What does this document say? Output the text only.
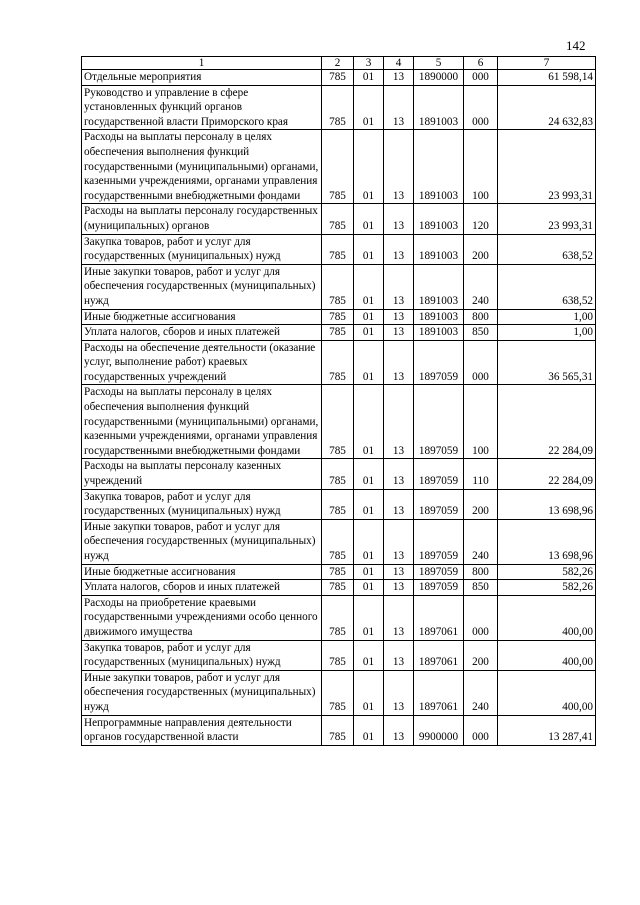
142
1	2	3	4	5	6	7
Отдельные мероприятия	785	01	13	1890000	000	61 598,14
Руководство и управление в сфере установленных функций органов государственной власти Приморского края	785	01	13	1891003	000	24 632,83
Расходы на выплаты персоналу в целях обеспечения выполнения функций государственными (муниципальными) органами, казенными учреждениями, органами управления государственными внебюджетными фондами	785	01	13	1891003	100	23 993,31
Расходы на выплаты персоналу государственных (муниципальных) органов	785	01	13	1891003	120	23 993,31
Закупка товаров, работ и услуг для государственных (муниципальных) нужд	785	01	13	1891003	200	638,52
Иные закупки товаров, работ и услуг для обеспечения государственных (муниципальных) нужд	785	01	13	1891003	240	638,52
Иные бюджетные ассигнования	785	01	13	1891003	800	1,00
Уплата налогов, сборов и иных платежей	785	01	13	1891003	850	1,00
Расходы на обеспечение деятельности (оказание услуг, выполнение работ) краевых государственных учреждений	785	01	13	1897059	000	36 565,31
Расходы на выплаты персоналу в целях обеспечения выполнения функций государственными (муниципальными) органами, казенными учреждениями, органами управления государственными внебюджетными фондами	785	01	13	1897059	100	22 284,09
Расходы на выплаты персоналу казенных учреждений	785	01	13	1897059	110	22 284,09
Закупка товаров, работ и услуг для государственных (муниципальных) нужд	785	01	13	1897059	200	13 698,96
Иные закупки товаров, работ и услуг для обеспечения государственных (муниципальных) нужд	785	01	13	1897059	240	13 698,96
Иные бюджетные ассигнования	785	01	13	1897059	800	582,26
Уплата налогов, сборов и иных платежей	785	01	13	1897059	850	582,26
Расходы на приобретение краевыми государственными учреждениями особо ценного движимого имущества	785	01	13	1897061	000	400,00
Закупка товаров, работ и услуг для государственных (муниципальных) нужд	785	01	13	1897061	200	400,00
Иные закупки товаров, работ и услуг для обеспечения государственных (муниципальных) нужд	785	01	13	1897061	240	400,00
Непрограммные направления деятельности органов государственной власти	785	01	13	9900000	000	13 287,41
